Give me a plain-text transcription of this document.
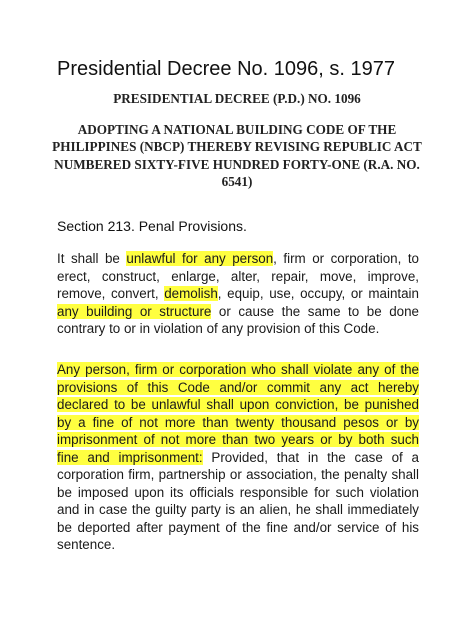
Presidential Decree No. 1096, s. 1977

PRESIDENTIAL DECREE (P.D.) NO. 1096

ADOPTING A NATIONAL BUILDING CODE OF THE PHILIPPINES (NBCP) THEREBY REVISING REPUBLIC ACT NUMBERED SIXTY-FIVE HUNDRED FORTY-ONE (R.A. NO. 6541)

Section 213. Penal Provisions.

It shall be unlawful for any person, firm or corporation, to erect, construct, enlarge, alter, repair, move, improve, remove, convert, demolish, equip, use, occupy, or maintain any building or structure or cause the same to be done contrary to or in violation of any provision of this Code.

Any person, firm or corporation who shall violate any of the provisions of this Code and/or commit any act hereby declared to be unlawful shall upon conviction, be punished by a fine of not more than twenty thousand pesos or by imprisonment of not more than two years or by both such fine and imprisonment: Provided, that in the case of a corporation firm, partnership or association, the penalty shall be imposed upon its officials responsible for such violation and in case the guilty party is an alien, he shall immediately be deported after payment of the fine and/or service of his sentence.
